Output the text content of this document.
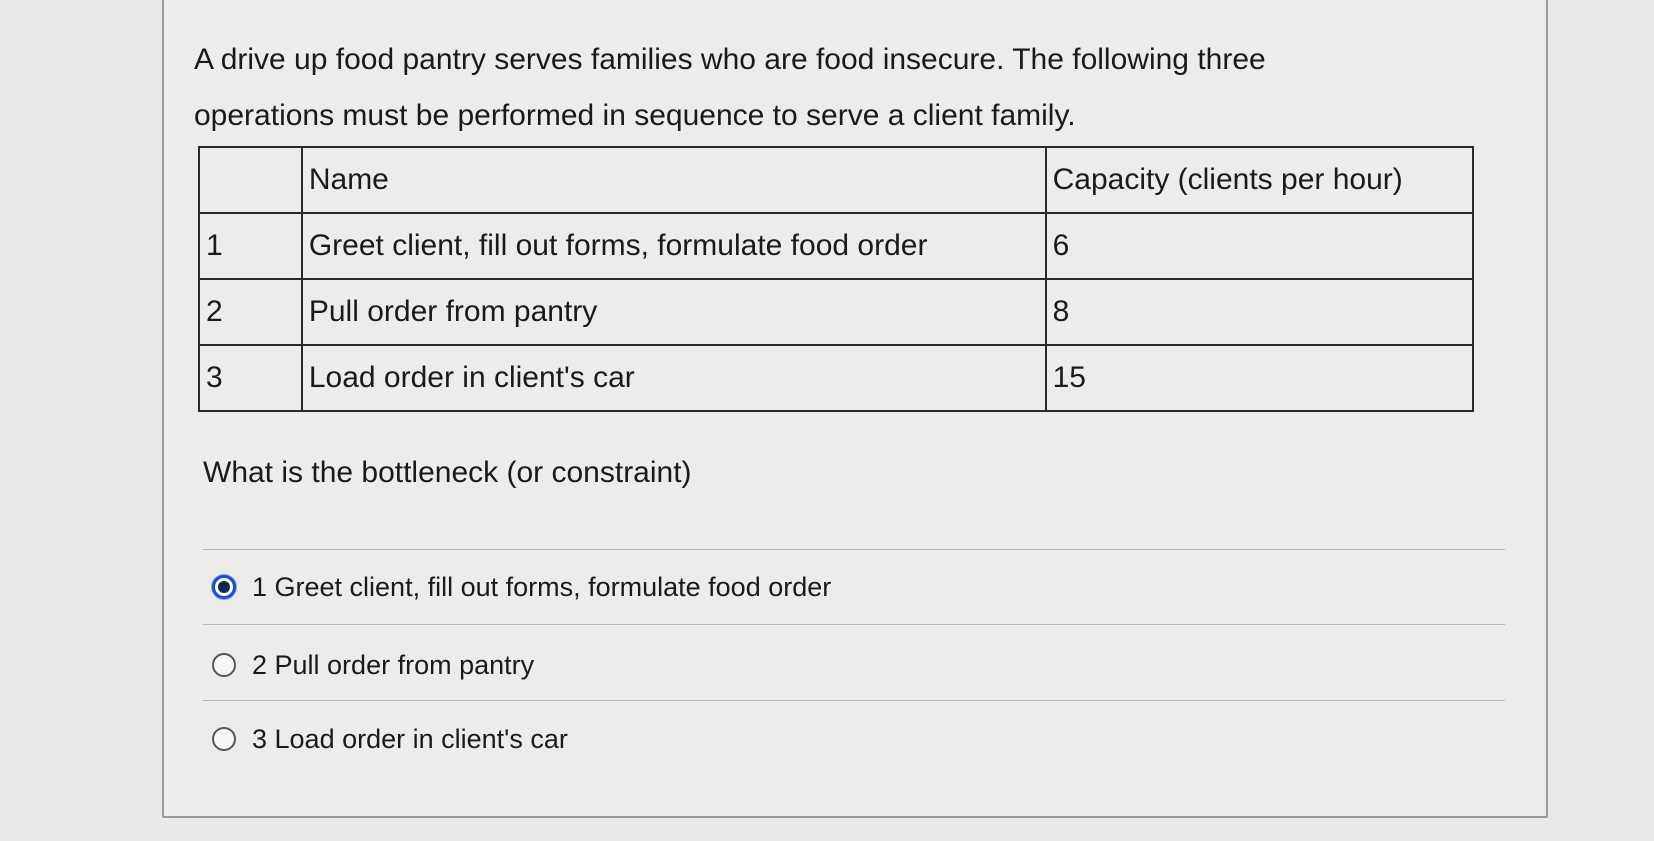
A drive up food pantry serves families who are food insecure. The following three
operations must be performed in sequence to serve a client family.

	Name	Capacity (clients per hour)
1	Greet client, fill out forms, formulate food order	6
2	Pull order from pantry	8
3	Load order in client's car	15

What is the bottleneck (or constraint)

1 Greet client, fill out forms, formulate food order
2 Pull order from pantry
3 Load order in client's car
